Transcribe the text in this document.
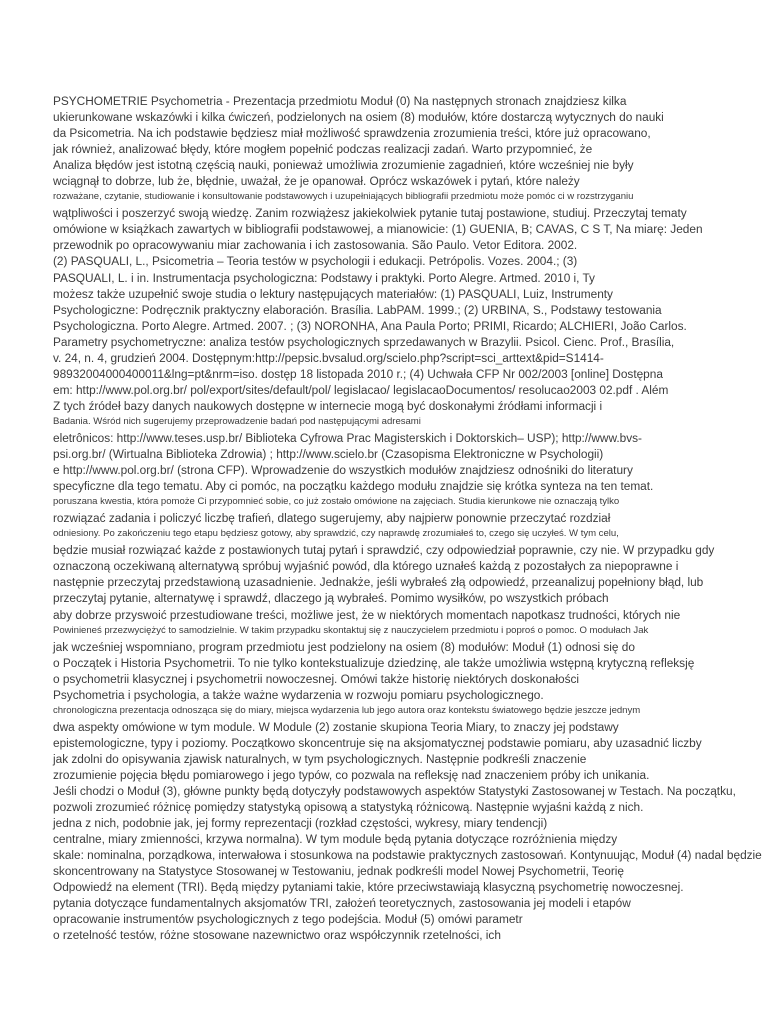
PSYCHOMETRIE Psychometria - Prezentacja przedmiotu Moduł (0) Na następnych stronach znajdziesz kilka
ukierunkowane wskazówki i kilka ćwiczeń, podzielonych na osiem (8) modułów, które dostarczą wytycznych do nauki
da Psicometria. Na ich podstawie będziesz miał możliwość sprawdzenia zrozumienia treści, które już opracowano,
jak również, analizować błędy, które mogłem popełnić podczas realizacji zadań. Warto przypomnieć, że
Analiza błędów jest istotną częścią nauki, ponieważ umożliwia zrozumienie zagadnień, które wcześniej nie były
wciągnął to dobrze, lub że, błędnie, uważał, że je opanował. Oprócz wskazówek i pytań, które należy
rozważane, czytanie, studiowanie i konsultowanie podstawowych i uzupełniających bibliografii przedmiotu może pomóc ci w rozstrzyganiu
wątpliwości i poszerzyć swoją wiedzę. Zanim rozwiążesz jakiekolwiek pytanie tutaj postawione, studiuj. Przeczytaj tematy
omówione w książkach zawartych w bibliografii podstawowej, a mianowicie: (1) GUENIA, B; CAVAS, C S T, Na miarę: Jeden
przewodnik po opracowywaniu miar zachowania i ich zastosowania. São Paulo. Vetor Editora. 2002.
(2) PASQUALI, L., Psicometria – Teoria testów w psychologii i edukacji. Petrópolis. Vozes. 2004.; (3)
PASQUALI, L. i in. Instrumentacja psychologiczna: Podstawy i praktyki. Porto Alegre. Artmed. 2010 i, Ty
możesz także uzupełnić swoje studia o lektury następujących materiałów: (1) PASQUALI, Luiz, Instrumenty
Psychologiczne: Podręcznik praktyczny elaboración. Brasília. LabPAM. 1999.; (2) URBINA, S., Podstawy testowania
Psychologiczna. Porto Alegre. Artmed. 2007. ; (3) NORONHA, Ana Paula Porto; PRIMI, Ricardo; ALCHIERI, João Carlos.
Parametry psychometryczne: analiza testów psychologicznych sprzedawanych w Brazylii. Psicol. Cienc. Prof., Brasília,
v. 24, n. 4, grudzień 2004. Dostępnym:http://pepsic.bvsalud.org/scielo.php?script=sci_arttext&pid=S1414-
98932004000400011&lng=pt&nrm=iso. dostęp 18 listopada 2010 r.; (4) Uchwała CFP Nr 002/2003 [online] Dostępna
em: http://www.pol.org.br/ pol/export/sites/default/pol/ legislacao/ legislacaoDocumentos/ resolucao2003 02.pdf . Além
Z tych źródeł bazy danych naukowych dostępne w internecie mogą być doskonałymi źródłami informacji i
Badania. Wśród nich sugerujemy przeprowadzenie badań pod następującymi adresami
eletrônicos: http://www.teses.usp.br/ Biblioteka Cyfrowa Prac Magisterskich i Doktorskich– USP); http://www.bvs-
psi.org.br/ (Wirtualna Biblioteka Zdrowia) ; http://www.scielo.br (Czasopisma Elektroniczne w Psychologii)
e http://www.pol.org.br/ (strona CFP). Wprowadzenie do wszystkich modułów znajdziesz odnośniki do literatury
specyficzne dla tego tematu. Aby ci pomóc, na początku każdego modułu znajdzie się krótka synteza na ten temat.
poruszana kwestia, która pomoże Ci przypomnieć sobie, co już zostało omówione na zajęciach. Studia kierunkowe nie oznaczają tylko
rozwiązać zadania i policzyć liczbę trafień, dlatego sugerujemy, aby najpierw ponownie przeczytać rozdział
odniesiony. Po zakończeniu tego etapu będziesz gotowy, aby sprawdzić, czy naprawdę zrozumiałeś to, czego się uczyłeś. W tym celu,
będzie musiał rozwiązać każde z postawionych tutaj pytań i sprawdzić, czy odpowiedział poprawnie, czy nie. W przypadku gdy
oznaczoną oczekiwaną alternatywą spróbuj wyjaśnić powód, dla którego uznałeś każdą z pozostałych za niepoprawne i
następnie przeczytaj przedstawioną uzasadnienie. Jednakże, jeśli wybrałeś złą odpowiedź, przeanalizuj popełniony błąd, lub
przeczytaj pytanie, alternatywę i sprawdź, dlaczego ją wybrałeś. Pomimo wysiłków, po wszystkich próbach
aby dobrze przyswoić przestudiowane treści, możliwe jest, że w niektórych momentach napotkasz trudności, których nie
Powinieneś przezwyciężyć to samodzielnie. W takim przypadku skontaktuj się z nauczycielem przedmiotu i poproś o pomoc. O modułach Jak
jak wcześniej wspomniano, program przedmiotu jest podzielony na osiem (8) modułów: Moduł (1) odnosi się do
o Początek i Historia Psychometrii. To nie tylko kontekstualizuje dziedzinę, ale także umożliwia wstępną krytyczną refleksję
o psychometrii klasycznej i psychometrii nowoczesnej. Omówi także historię niektórych doskonałości
Psychometria i psychologia, a także ważne wydarzenia w rozwoju pomiaru psychologicznego.
chronologiczna prezentacja odnosząca się do miary, miejsca wydarzenia lub jego autora oraz kontekstu światowego będzie jeszcze jednym
dwa aspekty omówione w tym module. W Module (2) zostanie skupiona Teoria Miary, to znaczy jej podstawy
epistemologiczne, typy i poziomy. Początkowo skoncentruje się na aksjomatycznej podstawie pomiaru, aby uzasadnić liczby
jak zdolni do opisywania zjawisk naturalnych, w tym psychologicznych. Następnie podkreśli znaczenie
zrozumienie pojęcia błędu pomiarowego i jego typów, co pozwala na refleksję nad znaczeniem próby ich unikania.
Jeśli chodzi o Moduł (3), główne punkty będą dotyczyły podstawowych aspektów Statystyki Zastosowanej w Testach. Na początku,
pozwoli zrozumieć różnicę pomiędzy statystyką opisową a statystyką różnicową. Następnie wyjaśni każdą z nich.
jedna z nich, podobnie jak, jej formy reprezentacji (rozkład częstości, wykresy, miary tendencji)
centralne, miary zmienności, krzywa normalna). W tym module będą pytania dotyczące rozróżnienia między
skale: nominalna, porządkowa, interwałowa i stosunkowa na podstawie praktycznych zastosowań. Kontynuując, Moduł (4) nadal będzie
skoncentrowany na Statystyce Stosowanej w Testowaniu, jednak podkreśli model Nowej Psychometrii, Teorię
Odpowiedź na element (TRI). Będą między pytaniami takie, które przeciwstawiają klasyczną psychometrię nowoczesnej.
pytania dotyczące fundamentalnych aksjomatów TRI, założeń teoretycznych, zastosowania jej modeli i etapów
opracowanie instrumentów psychologicznych z tego podejścia. Moduł (5) omówi parametr
o rzetelność testów, różne stosowane nazewnictwo oraz współczynnik rzetelności, ich
